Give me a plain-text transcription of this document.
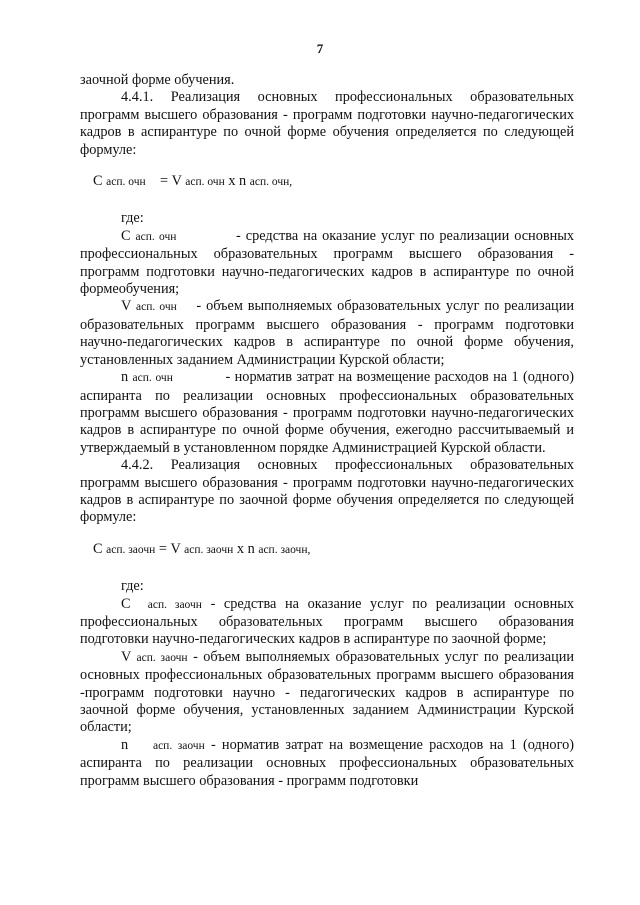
7

заочной форме обучения.

4.4.1. Реализация основных профессиональных образовательных программ высшего образования - программ подготовки научно-педагогических кадров в аспирантуре по очной форме обучения определяется по следующей формуле:

С асп. очн = V асп. очн х n асп. очн,

где:

С асп. очн	- средства на оказание услуг по реализации основных профессиональных образовательных программ высшего образования - программ подготовки научно-педагогических кадров в аспирантуре по очной формеобучения;

V асп. очн - объем выполняемых образовательных услуг по реализации образовательных программ высшего образования - программ подготовки научно-педагогических кадров в аспирантуре по очной форме обучения, установленных заданием Администрации Курской области;

n асп. очн	- норматив затрат на возмещение расходов на 1 (одного) аспиранта по реализации основных профессиональных образовательных программ высшего образования - программ подготовки научно-педагогических кадров в аспирантуре по очной форме обучения, ежегодно рассчитываемый и утверждаемый в установленном порядке Администрацией Курской области.

4.4.2. Реализация основных профессиональных образовательных программ высшего образования - программ подготовки научно-педагогических кадров в аспирантуре по заочной форме обучения определяется по следующей формуле:

С асп. заочн = V асп. заочн х n асп. заочн,

где:

С асп. заочн - средства на оказание услуг по реализации основных профессиональных образовательных программ высшего образования подготовки научно-педагогических кадров в аспирантуре по заочной форме;

V асп. заочн - объем выполняемых образовательных услуг по реализации основных профессиональных образовательных программ высшего образования -программ подготовки научно - педагогических кадров в аспирантуре по заочной форме обучения, установленных заданием Администрации Курской области;

n асп. заочн - норматив затрат на возмещение расходов на 1 (одного) аспиранта по реализации основных профессиональных образовательных программ высшего образования - программ подготовки
